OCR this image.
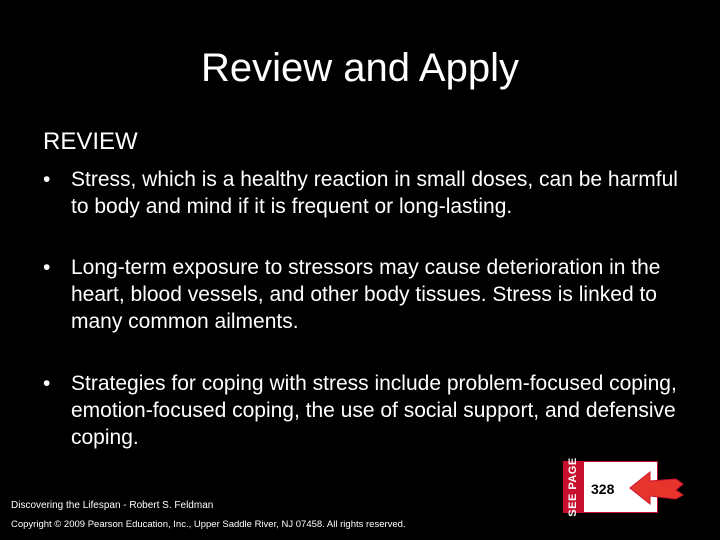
Review and Apply
REVIEW
• Stress, which is a healthy reaction in small doses, can be harmful to body and mind if it is frequent or long-lasting.
• Long-term exposure to stressors may cause deterioration in the heart, blood vessels, and other body tissues. Stress is linked to many common ailments.
• Strategies for coping with stress include problem-focused coping, emotion-focused coping, the use of social support, and defensive coping.
SEE PAGE 328
Discovering the Lifespan - Robert S. Feldman
Copyright © 2009 Pearson Education, Inc., Upper Saddle River, NJ 07458. All rights reserved.
